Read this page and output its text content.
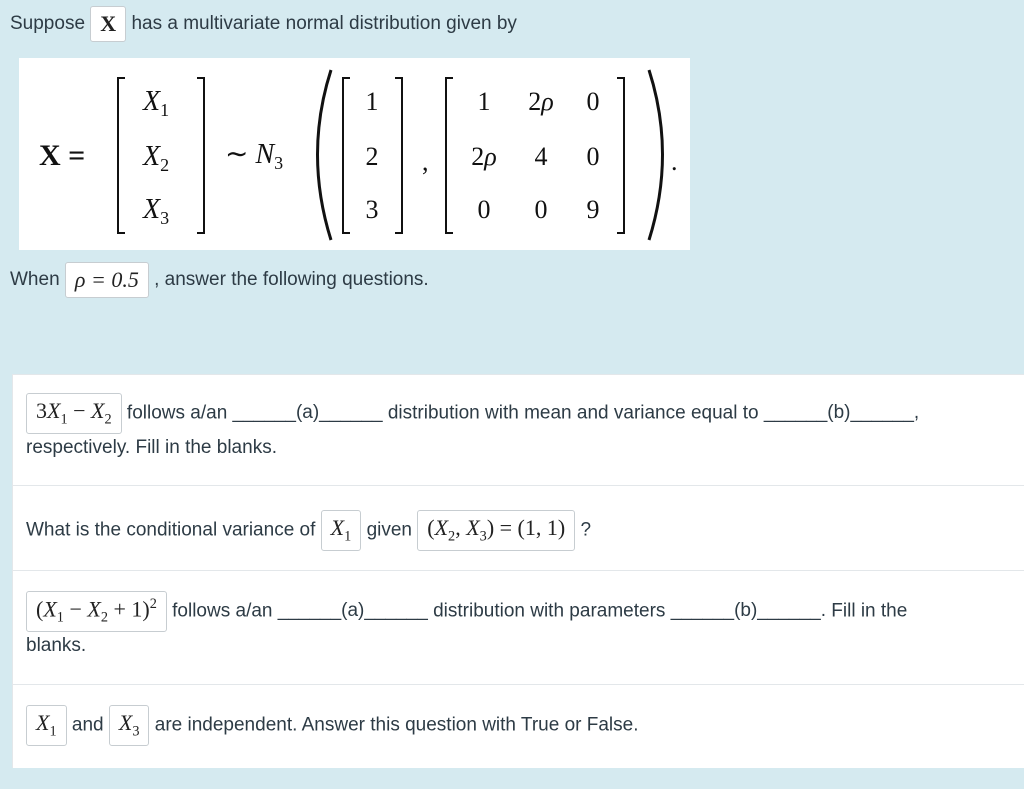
Suppose X has a multivariate normal distribution given by
X =
$X_1$
$X_2$
$X_3$
∼ $N_3$
1
2
3
,
1 2ρ 0
2ρ 4 0
0 0 9
.
When ρ = 0.5 , answer the following questions.
$3X_1 - X_2$ follows a/an ______(a)______ distribution with mean and variance equal to ______(b)______,
respectively. Fill in the blanks.
What is the conditional variance of $X_1$ given ($X_2$, $X_3) = (1$, 1) ?
$(X_1 - X_2 + 1)^2$ follows a/an ______(a)______ distribution with parameters ______(b)______. Fill in the
blanks.
$X_1$ and $X_3$ are independent. Answer this question with True or False.
